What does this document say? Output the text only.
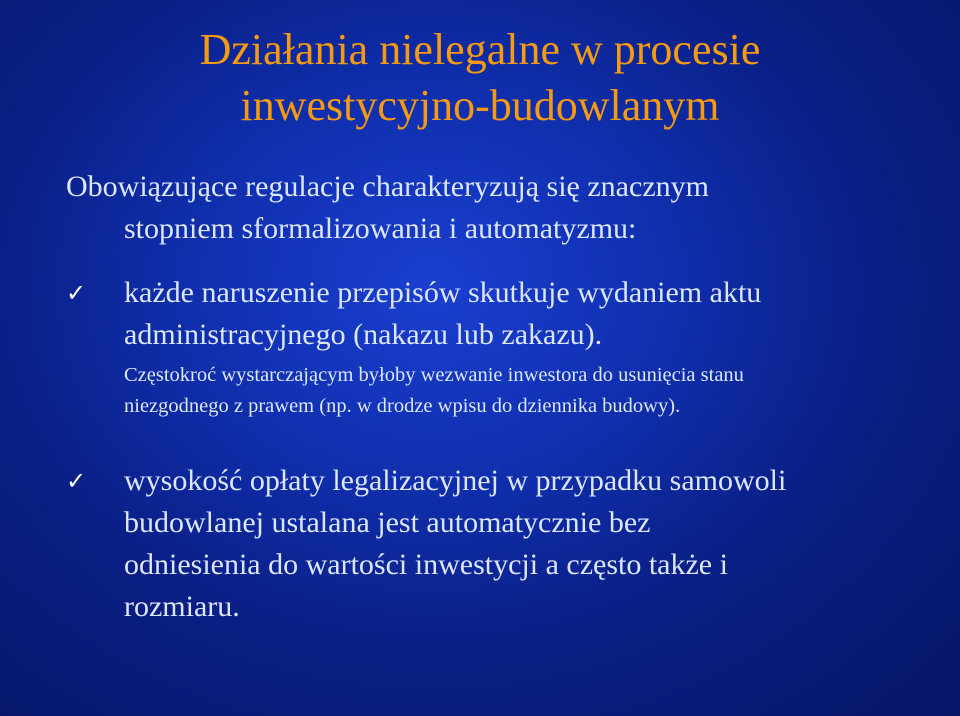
Działania nielegalne w procesie
inwestycyjno-budowlanym

Obowiązujące regulacje charakteryzują się znacznym
stopniem sformalizowania i automatyzmu:

✓ każde naruszenie przepisów skutkuje wydaniem aktu
administracyjnego (nakazu lub zakazu).

Częstokroć wystarczającym byłoby wezwanie inwestora do usunięcia stanu
niezgodnego z prawem (np. w drodze wpisu do dziennika budowy).

✓ wysokość opłaty legalizacyjnej w przypadku samowoli
budowlanej ustalana jest automatycznie bez
odniesienia do wartości inwestycji a często także i
rozmiaru.
